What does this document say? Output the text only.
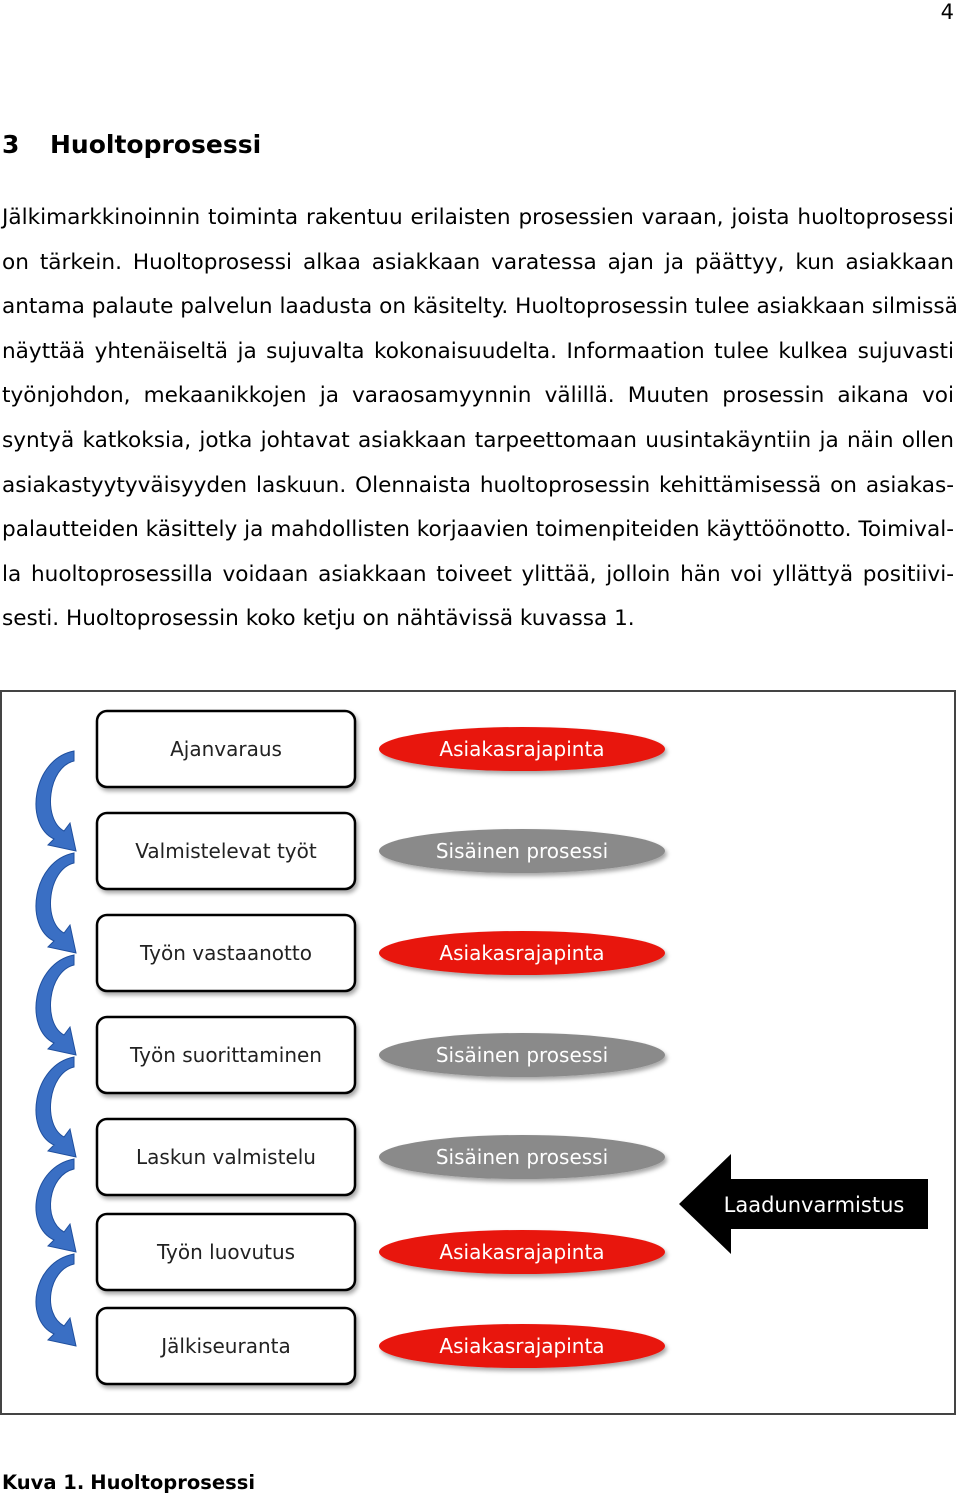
4
3 Huoltoprosessi
Jälkimarkkinoinnin toiminta rakentuu erilaisten prosessien varaan, joista huoltoprosessi
on tärkein. Huoltoprosessi alkaa asiakkaan varatessa ajan ja päättyy, kun asiakkaan
antama palaute palvelun laadusta on käsitelty. Huoltoprosessin tulee asiakkaan silmissä
näyttää yhtenäiseltä ja sujuvalta kokonaisuudelta. Informaation tulee kulkea sujuvasti
työnjohdon, mekaanikkojen ja varaosamyynnin välillä. Muuten prosessin aikana voi
syntyä katkoksia, jotka johtavat asiakkaan tarpeettomaan uusintakäyntiin ja näin ollen
asiakastyytyväisyyden laskuun. Olennaista huoltoprosessin kehittämisessä on asiakas-
palautteiden käsittely ja mahdollisten korjaavien toimenpiteiden käyttöönotto. Toimival-
la huoltoprosessilla voidaan asiakkaan toiveet ylittää, jolloin hän voi yllättyä positiivi-
sesti. Huoltoprosessin koko ketju on nähtävissä kuvassa 1.
Ajanvaraus	Asiakasrajapinta
Valmistelevat työt	Sisäinen prosessi
Työn vastaanotto	Asiakasrajapinta
Työn suorittaminen	Sisäinen prosessi
Laskun valmistelu	Sisäinen prosessi
Työn luovutus	Asiakasrajapinta
Jälkiseuranta	Asiakasrajapinta
Laadunvarmistus
Kuva 1. Huoltoprosessi
